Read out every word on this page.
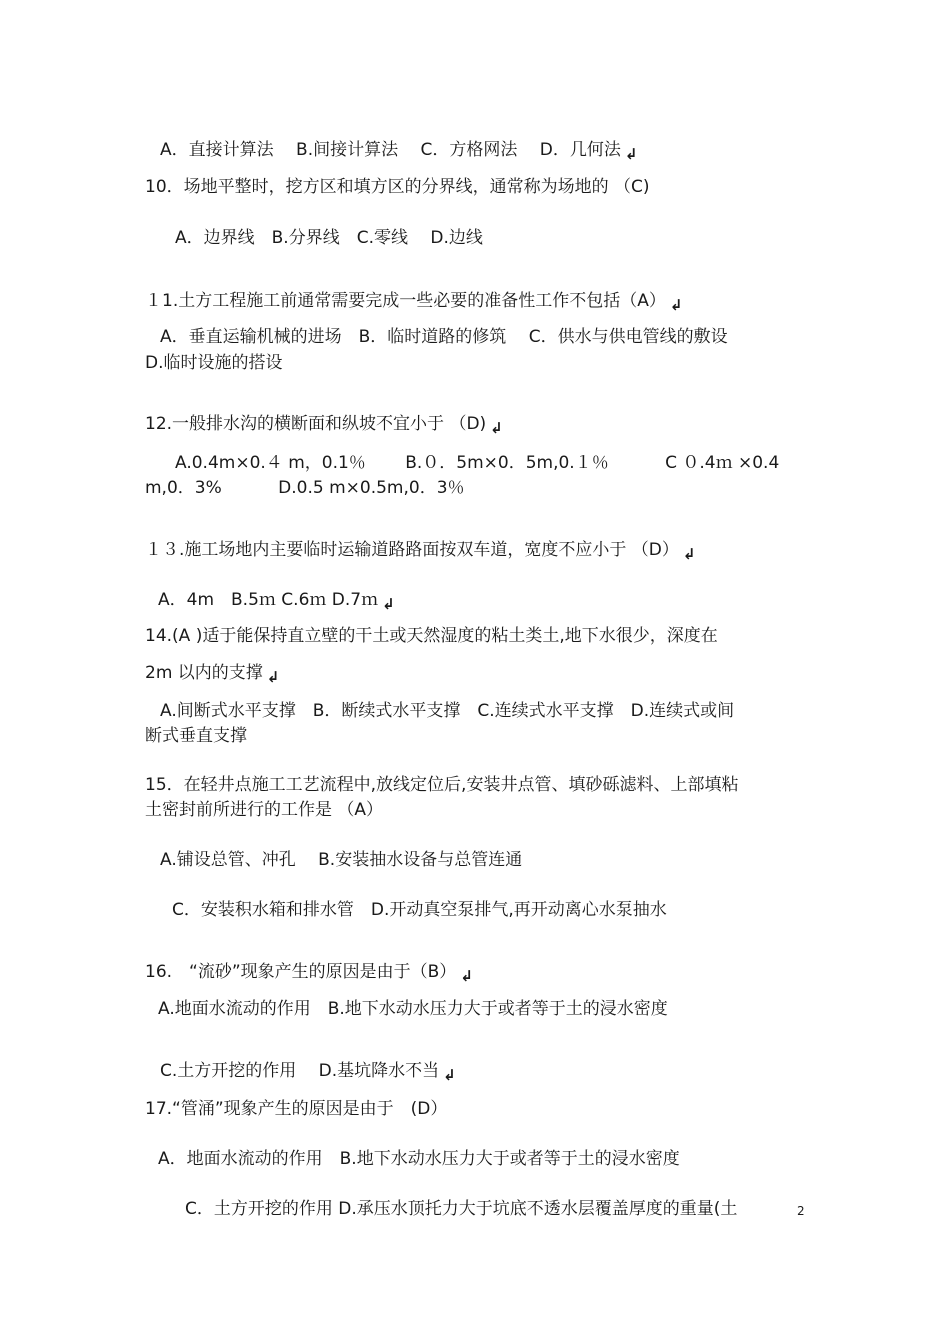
A．直接计算法　 B.间接计算法　 C．方格网法　 D．几何法 ↲
10．场地平整时，挖方区和填方区的分界线，通常称为场地的 （C)
A．边界线　B.分界线　C.零线　 D.边线
１1.土方工程施工前通常需要完成一些必要的准备性工作不包括（A） ↲
A．垂直运输机械的进场　B．临时道路的修筑　 C．供水与供电管线的敷设
D.临时设施的搭设
12.一般排水沟的横断面和纵坡不宜小于 （D) ↲
A.0.4m×0.４ m，0.1％　　 B.０．5m×0．5m,0.１％　　　 C ０.4ｍ ×0.4
m,0．3%　　　 D.0.5 m×0.5m,0．3％
１３.施工场地内主要临时运输道路路面按双车道，宽度不应小于 （D） ↲
A．4m　B.5ｍ C.6ｍ D.7ｍ ↲
14.(A )适于能保持直立壁的干土或天然湿度的粘土类土,地下水很少，深度在
2m 以内的支撑 ↲
A.间断式水平支撑　B．断续式水平支撑　C.连续式水平支撑　D.连续式或间
断式垂直支撑
15．在轻井点施工工艺流程中,放线定位后,安装井点管、填砂砾滤料、上部填粘
土密封前所进行的工作是 （A）
A.铺设总管、冲孔　 B.安装抽水设备与总管连通
C．安装积水箱和排水管　D.开动真空泵排气,再开动离心水泵抽水
16.　“流砂”现象产生的原因是由于（B） ↲
A.地面水流动的作用　B.地下水动水压力大于或者等于土的浸水密度
C.土方开挖的作用　 D.基坑降水不当 ↲
17.“管涌”现象产生的原因是由于　(D）
A．地面水流动的作用　B.地下水动水压力大于或者等于土的浸水密度
C．土方开挖的作用 D.承压水顶托力大于坑底不透水层覆盖厚度的重量(土	2
